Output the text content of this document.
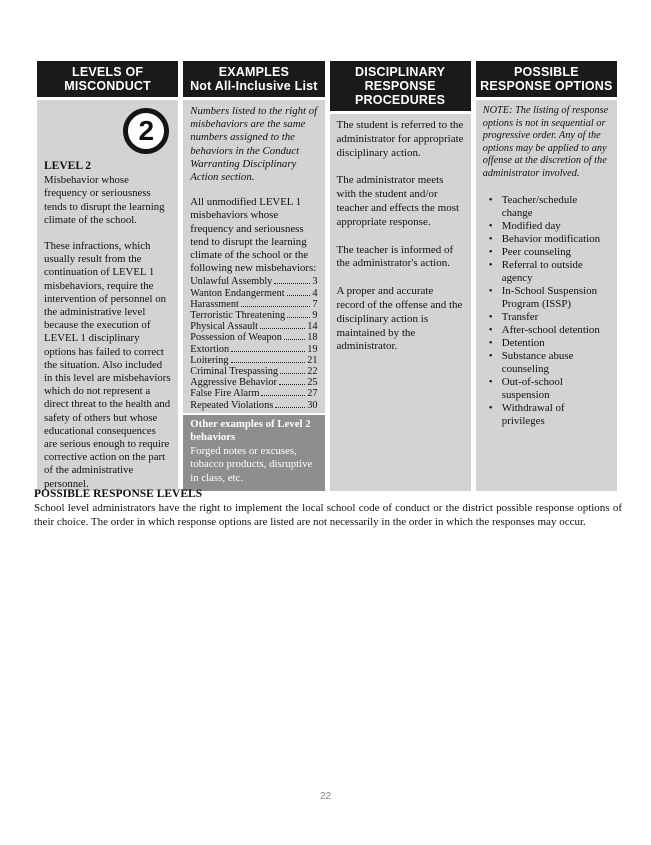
LEVELS OF
MISCONDUCT
2
LEVEL 2

Misbehavior whose frequency or seriousness tends to disrupt the learning climate of the school.

These infractions, which usually result from the continuation of LEVEL 1 misbehaviors, require the intervention of personnel on the administrative level because the execution of LEVEL 1 disciplinary options has failed to correct the situation. Also included in this level are misbehaviors which do not represent a direct threat to the health and safety of others but whose educational consequences are serious enough to require corrective action on the part of the administrative personnel.

EXAMPLES
Not All-Inclusive List

Numbers listed to the right of misbehaviors are the same numbers assigned to the behaviors in the Conduct Warranting Disciplinary Action section.

All unmodified LEVEL 1 misbehaviors whose frequency and seriousness tend to disrupt the learning climate of the school or the following new misbehaviors:

Unlawful Assembly	3
Wanton Endangerment	4
Harassment	7
Terroristic Threatening	9
Physical Assault	14
Possession of Weapon 18
Extortion	19
Loitering	21
Criminal Trespassing	22
Aggressive Behavior	25
False Fire Alarm	27
Repeated Violations	30

Other examples of Level 2 behaviors

Forged notes or excuses, tobacco products, disruptive in class, etc.

DISCIPLINARY
RESPONSE
PROCEDURES

The student is referred to the administrator for appropriate disciplinary action.

The administrator meets with the student and/or teacher and effects the most appropriate response.

The teacher is informed of the administrator's action.

A proper and accurate record of the offense and the disciplinary action is maintained by the administrator.

POSSIBLE
RESPONSE OPTIONS

NOTE: The listing of response options is not in sequential or progressive order. Any of the options may be applied to any offense at the discretion of the administrator involved.

• Teacher/schedule change
• Modified day
• Behavior modification
• Peer counseling
• Referral to outside agency
• In-School Suspension Program (ISSP)
• Transfer
• After-school detention
• Detention
• Substance abuse counseling
• Out-of-school suspension
• Withdrawal of privileges

POSSIBLE RESPONSE LEVELS

School level administrators have the right to implement the local school code of conduct or the district possible response options of their choice. The order in which response options are listed are not necessarily in the order in which the responses may occur.

22
